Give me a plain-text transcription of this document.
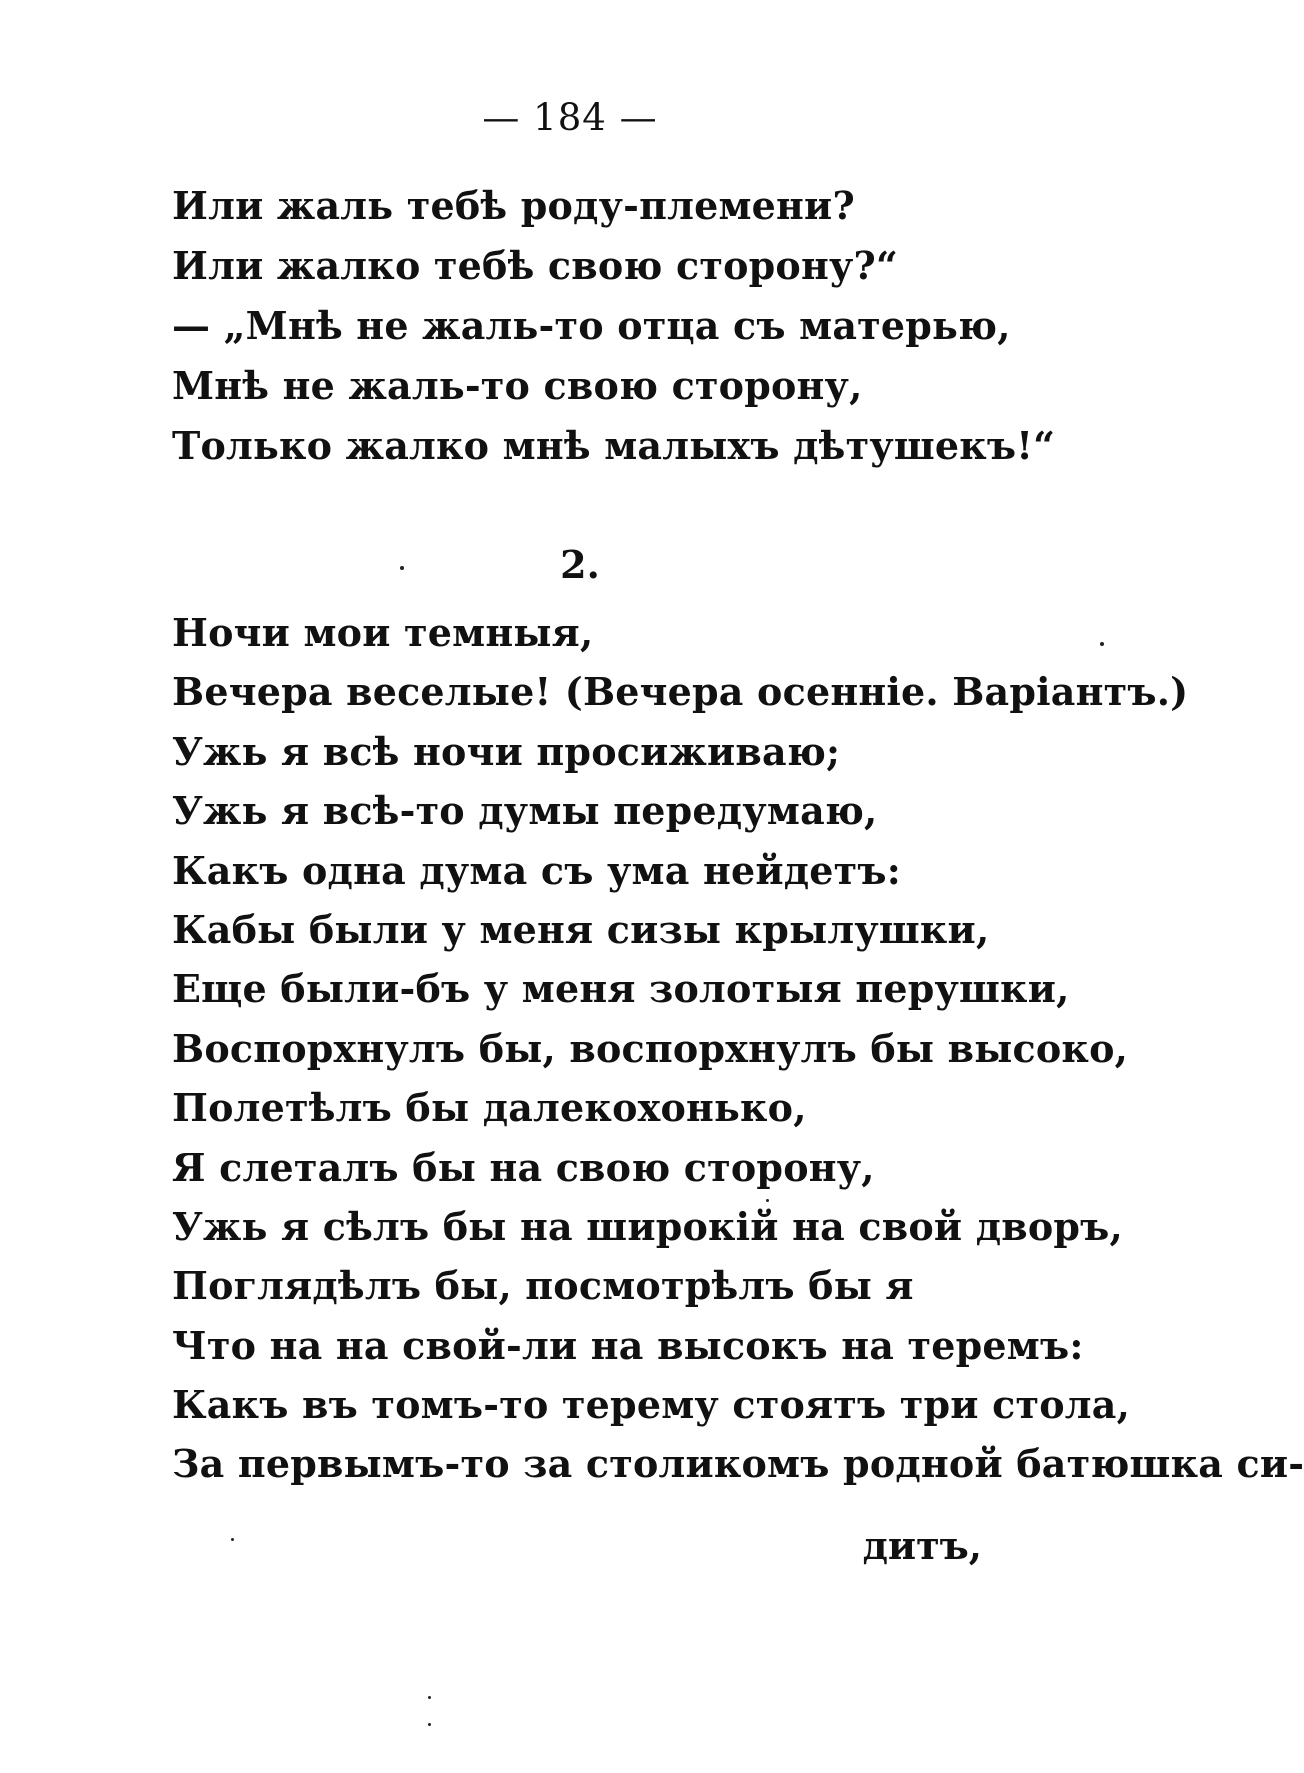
— 184 —
Или жаль тебѣ роду-племени?
Или жалко тебѣ свою сторону?“
— „Мнѣ не жаль-то отца съ матерью,
Мнѣ не жаль-то свою сторону,
Только жалко мнѣ малыхъ дѣтушекъ!“
2.
Ночи мои темныя,
Вечера веселые! (Вечера осенніе. Варіантъ.)
Ужь я всѣ ночи просиживаю;
Ужь я всѣ-то думы передумаю,
Какъ одна дума съ ума нейдетъ:
Кабы были у меня сизы крылушки,
Еще были-бъ у меня золотыя перушки,
Воспорхнулъ бы, воспорхнулъ бы высоко,
Полетѣлъ бы далекохонько,
Я слеталъ бы на свою сторону,
Ужь я сѣлъ бы на широкій на свой дворъ,
Поглядѣлъ бы, посмотрѣлъ бы я
Что на на свой-ли на высокъ на теремъ:
Какъ въ томъ-то терему стоятъ три стола,
За первымъ-то за столикомъ родной батюшка си-
дитъ,
